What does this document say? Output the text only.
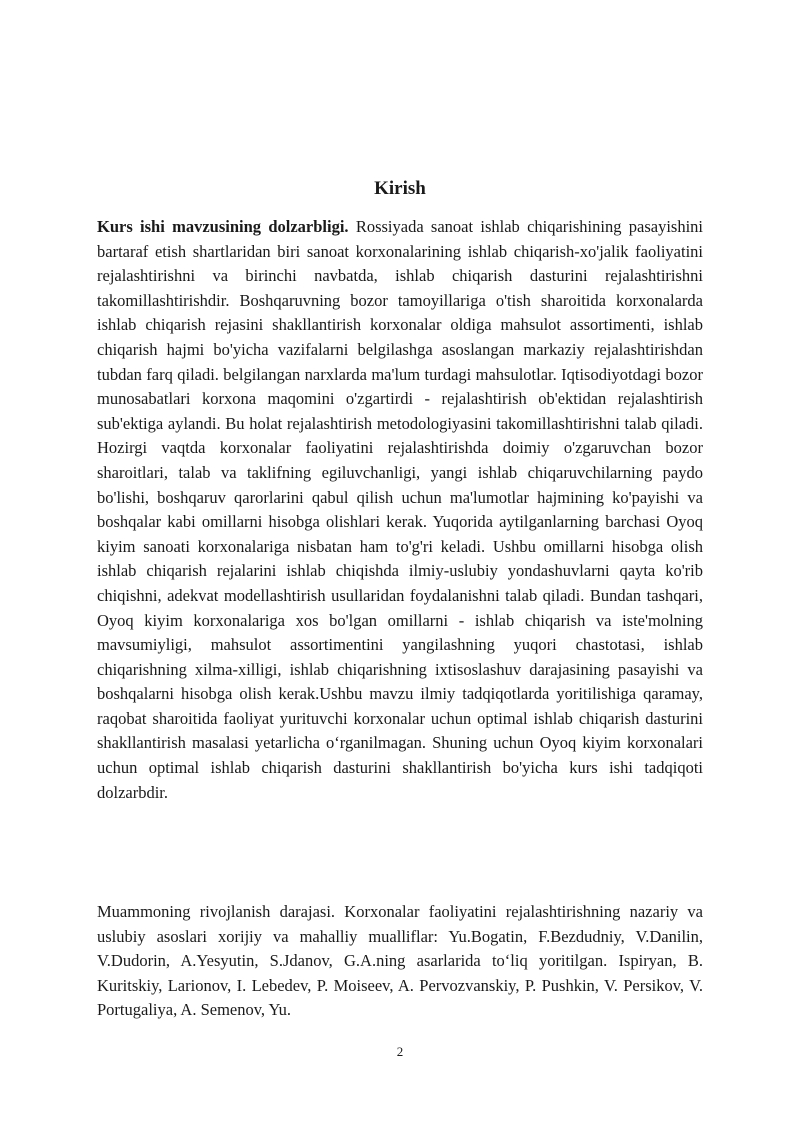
Kirish

Kurs ishi mavzusining dolzarbligi. Rossiyada sanoat ishlab chiqarishining pasayishini bartaraf etish shartlaridan biri sanoat korxonalarining ishlab chiqarish-xo'jalik faoliyatini rejalashtirishni va birinchi navbatda, ishlab chiqarish dasturini rejalashtirishni takomillashtirishdir. Boshqaruvning bozor tamoyillariga o'tish sharoitida korxonalarda ishlab chiqarish rejasini shakllantirish korxonalar oldiga mahsulot assortimenti, ishlab chiqarish hajmi bo'yicha vazifalarni belgilashga asoslangan markaziy rejalashtirishdan tubdan farq qiladi. belgilangan narxlarda ma'lum turdagi mahsulotlar. Iqtisodiyotdagi bozor munosabatlari korxona maqomini o'zgartirdi - rejalashtirish ob'ektidan rejalashtirish sub'ektiga aylandi. Bu holat rejalashtirish metodologiyasini takomillashtirishni talab qiladi. Hozirgi vaqtda korxonalar faoliyatini rejalashtirishda doimiy o'zgaruvchan bozor sharoitlari, talab va taklifning egiluvchanligi, yangi ishlab chiqaruvchilarning paydo bo'lishi, boshqaruv qarorlarini qabul qilish uchun ma'lumotlar hajmining ko'payishi va boshqalar kabi omillarni hisobga olishlari kerak. Yuqorida aytilganlarning barchasi Oyoq kiyim sanoati korxonalariga nisbatan ham to'g'ri keladi. Ushbu omillarni hisobga olish ishlab chiqarish rejalarini ishlab chiqishda ilmiy-uslubiy yondashuvlarni qayta ko'rib chiqishni, adekvat modellashtirish usullaridan foydalanishni talab qiladi. Bundan tashqari, Oyoq kiyim korxonalariga xos bo'lgan omillarni - ishlab chiqarish va iste'molning mavsumiyligi, mahsulot assortimentini yangilashning yuqori chastotasi, ishlab chiqarishning xilma-xilligi, ishlab chiqarishning ixtisoslashuv darajasining pasayishi va boshqalarni hisobga olish kerak.Ushbu mavzu ilmiy tadqiqotlarda yoritilishiga qaramay, raqobat sharoitida faoliyat yurituvchi korxonalar uchun optimal ishlab chiqarish dasturini shakllantirish masalasi yetarlicha o‘rganilmagan. Shuning uchun Oyoq kiyim korxonalari uchun optimal ishlab chiqarish dasturini shakllantirish bo'yicha kurs ishi tadqiqoti dolzarbdir.

Muammoning rivojlanish darajasi. Korxonalar faoliyatini rejalashtirishning nazariy va uslubiy asoslari xorijiy va mahalliy mualliflar: Yu.Bogatin, F.Bezdudniy, V.Danilin, V.Dudorin, A.Yesyutin, S.Jdanov, G.A.ning asarlarida to‘liq yoritilgan. Ispiryan, B. Kuritskiy, Larionov, I. Lebedev, P. Moiseev, A. Pervozvanskiy, P. Pushkin, V. Persikov, V. Portugaliya, A. Semenov, Yu.

2
